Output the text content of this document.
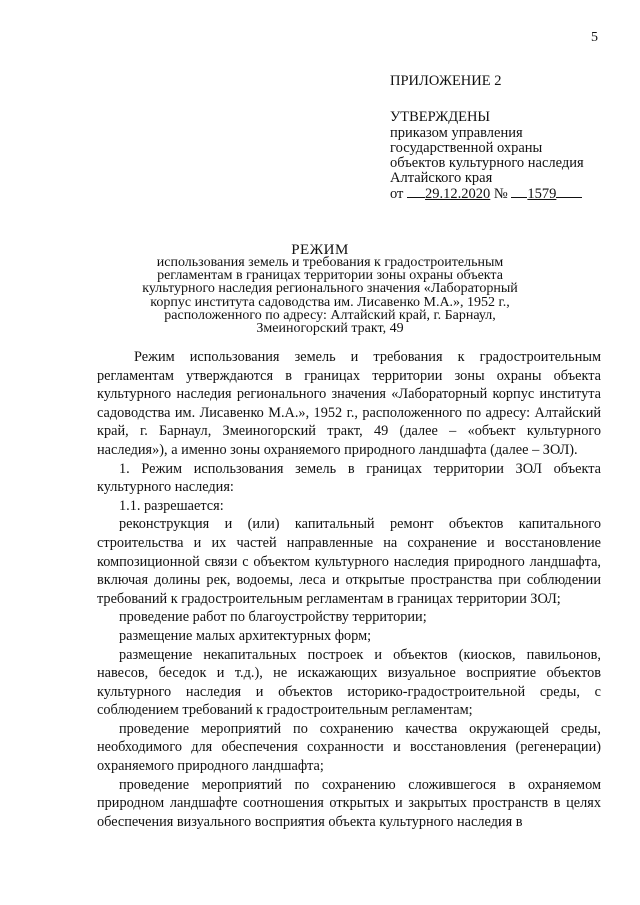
5
ПРИЛОЖЕНИЕ 2
УТВЕРЖДЕНЫ
приказом управления
государственной охраны
объектов культурного наследия
Алтайского края
от 29.12.2020 № 1579
РЕЖИМ
использования земель и требования к градостроительным
регламентам в границах территории зоны охраны объекта
культурного наследия регионального значения «Лабораторный
корпус института садоводства им. Лисавенко М.А.», 1952 г.,
расположенного по адресу: Алтайский край, г. Барнаул,
Змеиногорский тракт, 49

Режим использования земель и требования к градостроительным регламентам утверждаются в границах территории зоны охраны объекта культурного наследия регионального значения «Лабораторный корпус института садоводства им. Лисавенко М.А.», 1952 г., расположенного по адресу: Алтайский край, г. Барнаул, Змеиногорский тракт, 49 (далее – «объект культурного наследия»), а именно зоны охраняемого природного ландшафта (далее – ЗОЛ).

1. Режим использования земель в границах территории ЗОЛ объекта культурного наследия:

1.1. разрешается:

реконструкция и (или) капитальный ремонт объектов капитального строительства и их частей направленные на сохранение и восстановление композиционной связи с объектом культурного наследия природного ландшафта, включая долины рек, водоемы, леса и открытые пространства при соблюдении требований к градостроительным регламентам в границах территории ЗОЛ;

проведение работ по благоустройству территории;

размещение малых архитектурных форм;

размещение некапитальных построек и объектов (киосков, павильонов, навесов, беседок и т.д.), не искажающих визуальное восприятие объектов культурного наследия и объектов историко-градостроительной среды, с соблюдением требований к градостроительным регламентам;

проведение мероприятий по сохранению качества окружающей среды, необходимого для обеспечения сохранности и восстановления (регенерации) охраняемого природного ландшафта;

проведение мероприятий по сохранению сложившегося в охраняемом природном ландшафте соотношения открытых и закрытых пространств в целях обеспечения визуального восприятия объекта культурного наследия в
